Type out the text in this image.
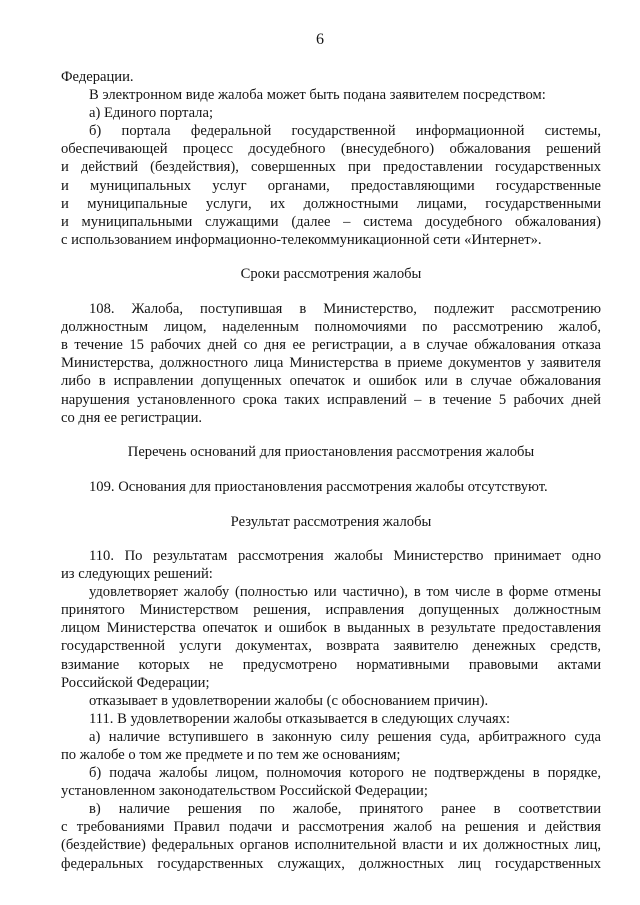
6

Федерации.

В электронном виде жалоба может быть подана заявителем посредством:

а) Единого портала;

б) портала федеральной государственной информационной системы,

обеспечивающей процесс досудебного (внесудебного) обжалования решений

и действий (бездействия), совершенных при предоставлении государственных

и муниципальных услуг органами, предоставляющими государственные

и муниципальные услуги, их должностными лицами, государственными

и муниципальными служащими (далее – система досудебного обжалования)

с использованием информационно-телекоммуникационной сети «Интернет».

Сроки рассмотрения жалобы

108. Жалоба, поступившая в Министерство, подлежит рассмотрению

должностным лицом, наделенным полномочиями по рассмотрению жалоб,

в течение 15 рабочих дней со дня ее регистрации, а в случае обжалования отказа

Министерства, должностного лица Министерства в приеме документов у заявителя

либо в исправлении допущенных опечаток и ошибок или в случае обжалования

нарушения установленного срока таких исправлений – в течение 5 рабочих дней

со дня ее регистрации.

Перечень оснований для приостановления рассмотрения жалобы

109. Основания для приостановления рассмотрения жалобы отсутствуют.

Результат рассмотрения жалобы

110. По результатам рассмотрения жалобы Министерство принимает одно

из следующих решений:

удовлетворяет жалобу (полностью или частично), в том числе в форме отмены

принятого Министерством решения, исправления допущенных должностным

лицом Министерства опечаток и ошибок в выданных в результате предоставления

государственной услуги документах, возврата заявителю денежных средств,

взимание которых не предусмотрено нормативными правовыми актами

Российской Федерации;

отказывает в удовлетворении жалобы (с обоснованием причин).

111. В удовлетворении жалобы отказывается в следующих случаях:

а) наличие вступившего в законную силу решения суда, арбитражного суда

по жалобе о том же предмете и по тем же основаниям;

б) подача жалобы лицом, полномочия которого не подтверждены в порядке,

установленном законодательством Российской Федерации;

в) наличие решения по жалобе, принятого ранее в соответствии

с требованиями Правил подачи и рассмотрения жалоб на решения и действия

(бездействие) федеральных органов исполнительной власти и их должностных лиц,

федеральных государственных служащих, должностных лиц государственных
